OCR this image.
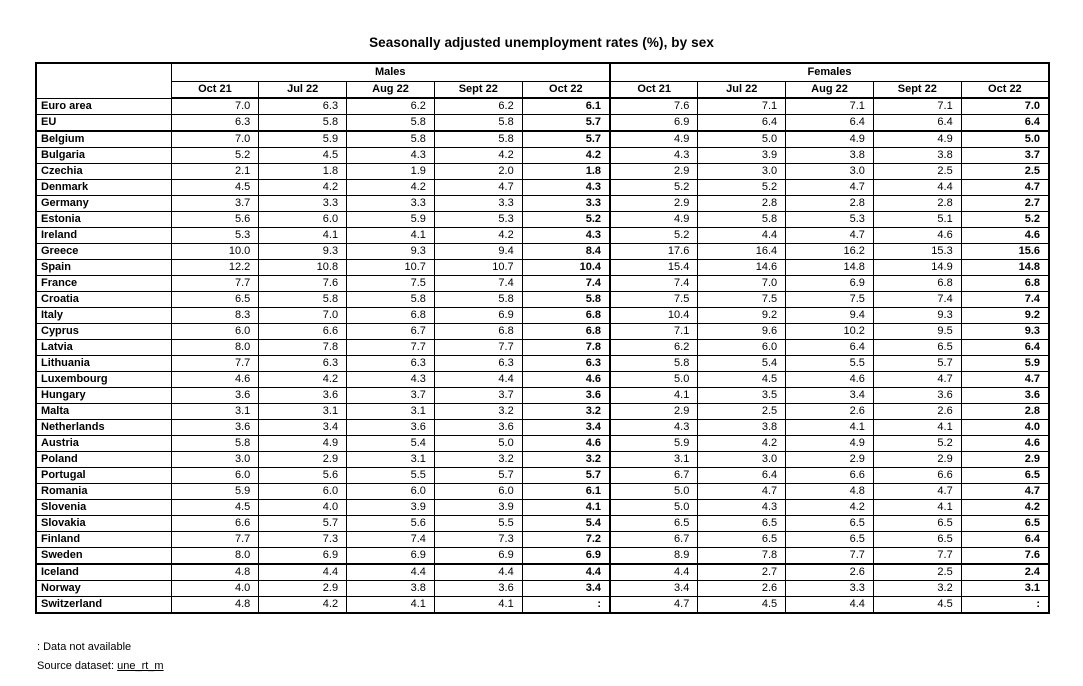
Seasonally adjusted unemployment rates (%), by sex
	Males					Females				
	Oct 21	Jul 22	Aug 22	Sept 22	Oct 22	Oct 21	Jul 22	Aug 22	Sept 22	Oct 22
Euro area	7.0	6.3	6.2	6.2	6.1	7.6	7.1	7.1	7.1	7.0
EU	6.3	5.8	5.8	5.8	5.7	6.9	6.4	6.4	6.4	6.4
Belgium	7.0	5.9	5.8	5.8	5.7	4.9	5.0	4.9	4.9	5.0
Bulgaria	5.2	4.5	4.3	4.2	4.2	4.3	3.9	3.8	3.8	3.7
Czechia	2.1	1.8	1.9	2.0	1.8	2.9	3.0	3.0	2.5	2.5
Denmark	4.5	4.2	4.2	4.7	4.3	5.2	5.2	4.7	4.4	4.7
Germany	3.7	3.3	3.3	3.3	3.3	2.9	2.8	2.8	2.8	2.7
Estonia	5.6	6.0	5.9	5.3	5.2	4.9	5.8	5.3	5.1	5.2
Ireland	5.3	4.1	4.1	4.2	4.3	5.2	4.4	4.7	4.6	4.6
Greece	10.0	9.3	9.3	9.4	8.4	17.6	16.4	16.2	15.3	15.6
Spain	12.2	10.8	10.7	10.7	10.4	15.4	14.6	14.8	14.9	14.8
France	7.7	7.6	7.5	7.4	7.4	7.4	7.0	6.9	6.8	6.8
Croatia	6.5	5.8	5.8	5.8	5.8	7.5	7.5	7.5	7.4	7.4
Italy	8.3	7.0	6.8	6.9	6.8	10.4	9.2	9.4	9.3	9.2
Cyprus	6.0	6.6	6.7	6.8	6.8	7.1	9.6	10.2	9.5	9.3
Latvia	8.0	7.8	7.7	7.7	7.8	6.2	6.0	6.4	6.5	6.4
Lithuania	7.7	6.3	6.3	6.3	6.3	5.8	5.4	5.5	5.7	5.9
Luxembourg	4.6	4.2	4.3	4.4	4.6	5.0	4.5	4.6	4.7	4.7
Hungary	3.6	3.6	3.7	3.7	3.6	4.1	3.5	3.4	3.6	3.6
Malta	3.1	3.1	3.1	3.2	3.2	2.9	2.5	2.6	2.6	2.8
Netherlands	3.6	3.4	3.6	3.6	3.4	4.3	3.8	4.1	4.1	4.0
Austria	5.8	4.9	5.4	5.0	4.6	5.9	4.2	4.9	5.2	4.6
Poland	3.0	2.9	3.1	3.2	3.2	3.1	3.0	2.9	2.9	2.9
Portugal	6.0	5.6	5.5	5.7	5.7	6.7	6.4	6.6	6.6	6.5
Romania	5.9	6.0	6.0	6.0	6.1	5.0	4.7	4.8	4.7	4.7
Slovenia	4.5	4.0	3.9	3.9	4.1	5.0	4.3	4.2	4.1	4.2
Slovakia	6.6	5.7	5.6	5.5	5.4	6.5	6.5	6.5	6.5	6.5
Finland	7.7	7.3	7.4	7.3	7.2	6.7	6.5	6.5	6.5	6.4
Sweden	8.0	6.9	6.9	6.9	6.9	8.9	7.8	7.7	7.7	7.6
Iceland	4.8	4.4	4.4	4.4	4.4	4.4	2.7	2.6	2.5	2.4
Norway	4.0	2.9	3.8	3.6	3.4	3.4	2.6	3.3	3.2	3.1
Switzerland	4.8	4.2	4.1	4.1	:	4.7	4.5	4.4	4.5	:
: Data not available
Source dataset: une_rt_m
